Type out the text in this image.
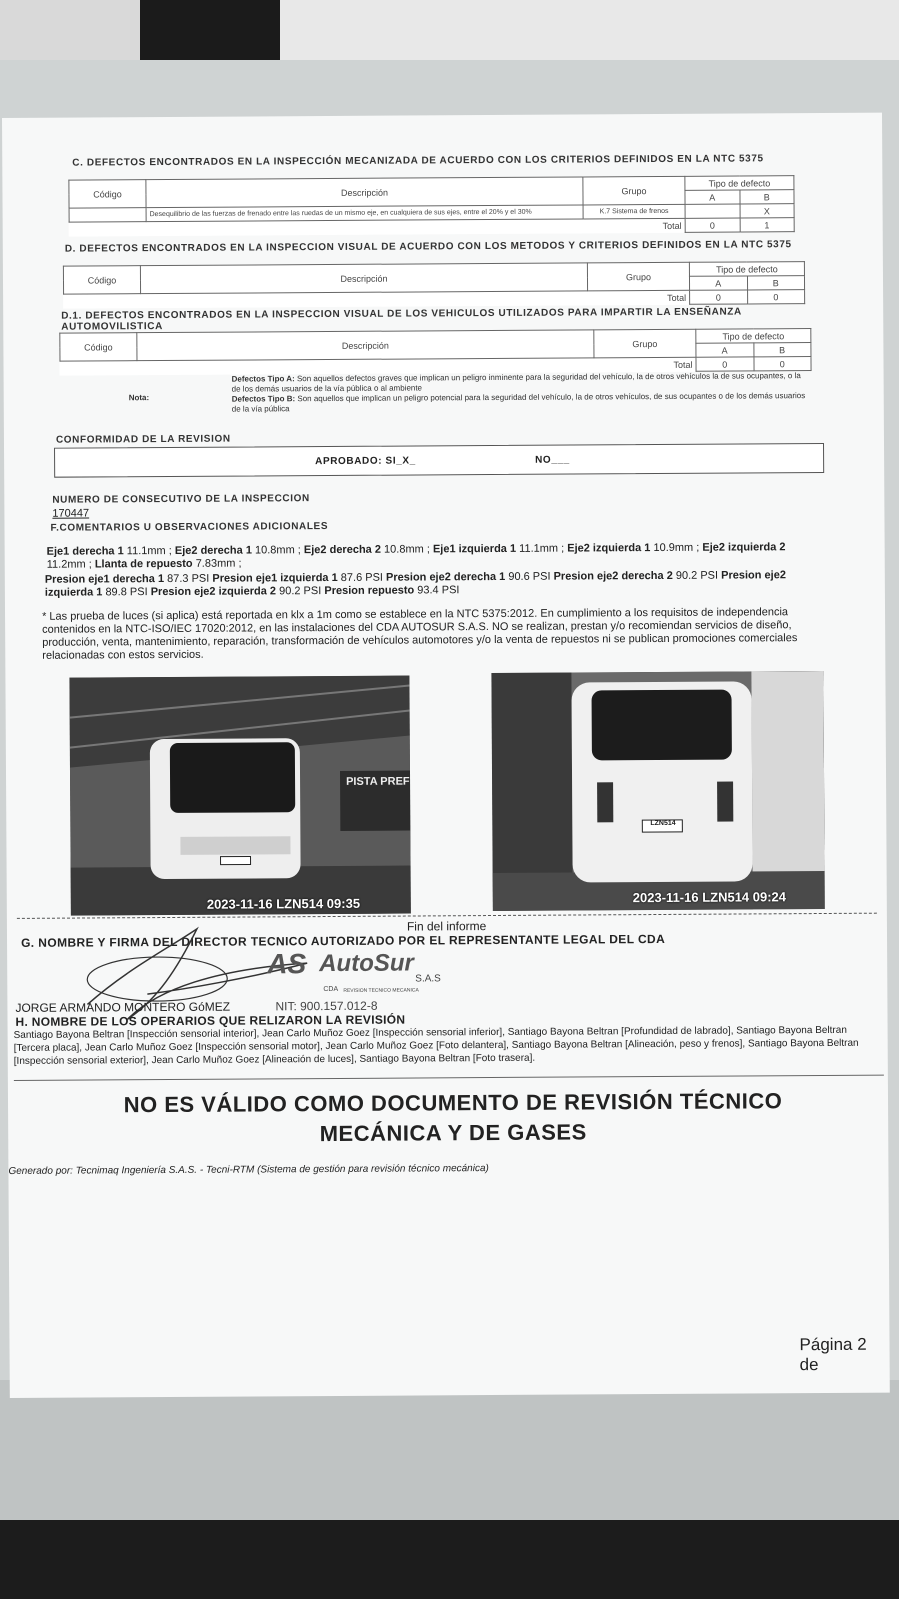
C. DEFECTOS ENCONTRADOS EN LA INSPECCIÓN MECANIZADA DE ACUERDO CON LOS CRITERIOS DEFINIDOS EN LA NTC 5375
Código	Descripción	Grupo	Tipo de defecto	
			A	B
	Desequilibrio de las fuerzas de frenado entre las ruedas de un mismo eje, en cualquiera de sus ejes, entre el 20% y el 30%	K.7 Sistema de frenos		X
Total			0	1
D. DEFECTOS ENCONTRADOS EN LA INSPECCION VISUAL DE ACUERDO CON LOS METODOS Y CRITERIOS DEFINIDOS EN LA NTC 5375
Código	Descripción	Grupo	Tipo de defecto	
			A	B
Total			0	0
D.1. DEFECTOS ENCONTRADOS EN LA INSPECCION VISUAL DE LOS VEHICULOS UTILIZADOS PARA IMPARTIR LA ENSEÑANZA AUTOMOVILISTICA
Código	Descripción	Grupo	Tipo de defecto	
			A	B
Total			0	0
Nota:
Defectos Tipo A: Son aquellos defectos graves que implican un peligro inminente para la seguridad del vehículo, la de otros vehículos la de sus ocupantes, o la de los demás usuarios de la vía pública o al ambiente
Defectos Tipo B: Son aquellos que implican un peligro potencial para la seguridad del vehículo, la de otros vehículos, de sus ocupantes o de los demás usuarios de la vía pública
CONFORMIDAD DE LA REVISION
APROBADO: SI_X_	NO___
NUMERO DE CONSECUTIVO DE LA INSPECCION
170447
F.COMENTARIOS U OBSERVACIONES ADICIONALES
Eje1 derecha 1 11.1mm ; Eje2 derecha 1 10.8mm ; Eje2 derecha 2 10.8mm ; Eje1 izquierda 1 11.1mm ; Eje2 izquierda 1 10.9mm ; Eje2 izquierda 2 11.2mm ; Llanta de repuesto 7.83mm ;
Presion eje1 derecha 1 87.3 PSI Presion eje1 izquierda 1 87.6 PSI Presion eje2 derecha 1 90.6 PSI Presion eje2 derecha 2 90.2 PSI Presion eje2 izquierda 1 89.8 PSI Presion eje2 izquierda 2 90.2 PSI Presion repuesto 93.4 PSI
* Las prueba de luces (si aplica) está reportada en klx a 1m como se establece en la NTC 5375:2012. En cumplimiento a los requisitos de independencia contenidos en la NTC-ISO/IEC 17020:2012, en las instalaciones del CDA AUTOSUR S.A.S. NO se realizan, prestan y/o recomiendan servicios de diseño, producción, venta, mantenimiento, reparación, transformación de vehículos automotores y/o la venta de repuestos ni se publican promociones comerciales relacionadas con estos servicios.
PISTA PREF
2023-11-16 LZN514 09:35
LZN514
2023-11-16 LZN514 09:24
Fin del informe
G. NOMBRE Y FIRMA DEL DIRECTOR TECNICO AUTORIZADO POR EL REPRESENTANTE LEGAL DEL CDA
AS AutoSur
S.A.S
CDA REVISION TECNICO MECANICA
JORGE ARMANDO MONTERO GóMEZ	NIT: 900.157.012-8
H. NOMBRE DE LOS OPERARIOS QUE RELIZARON LA REVISIÓN
Santiago Bayona Beltran [Inspección sensorial interior], Jean Carlo Muñoz Goez [Inspección sensorial inferior], Santiago Bayona Beltran [Profundidad de labrado], Santiago Bayona Beltran [Tercera placa], Jean Carlo Muñoz Goez [Inspección sensorial motor], Jean Carlo Muñoz Goez [Foto delantera], Santiago Bayona Beltran [Alineación, peso y frenos], Santiago Bayona Beltran [Inspección sensorial exterior], Jean Carlo Muñoz Goez [Alineación de luces], Santiago Bayona Beltran [Foto trasera].
NO ES VÁLIDO COMO DOCUMENTO DE REVISIÓN TÉCNICO
MECÁNICA Y DE GASES
Generado por: Tecnimaq Ingeniería S.A.S. - Tecni-RTM (Sistema de gestión para revisión técnico mecánica)
Página 2 de
